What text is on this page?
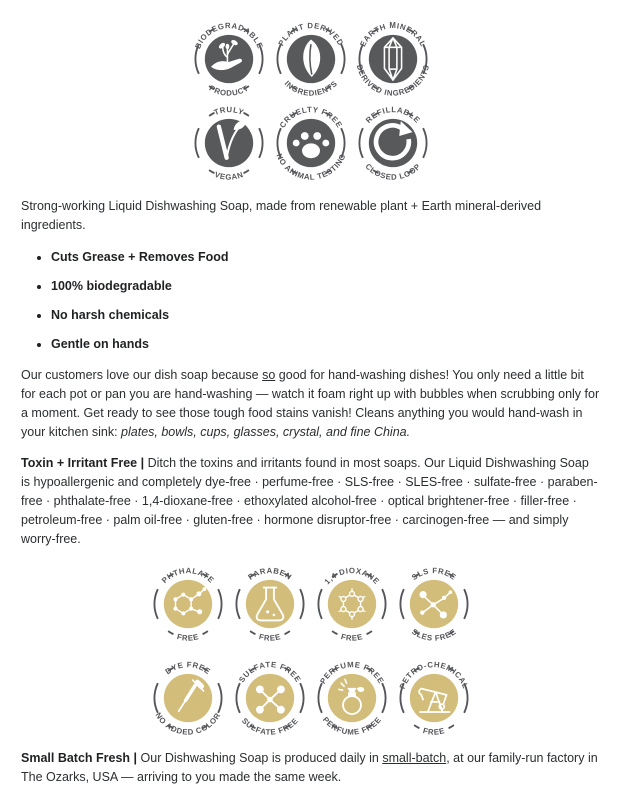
BIODEGRADABLE
PRODUCT
PLANT DERIVED
INGREDIENTS
EARTH MINERAL
DERIVED INGREDIENTS
TRULY
VEGAN
CRUELTY FREE
NO ANIMAL TESTING
REFILLABLE
CLOSED LOOP

Strong-working Liquid Dishwashing Soap, made from renewable plant + Earth mineral-derived ingredients.

• Cuts Grease + Removes Food
• 100% biodegradable
• No harsh chemicals
• Gentle on hands

Our customers love our dish soap because so good for hand-washing dishes! You only need a little bit for each pot or pan you are hand-washing — watch it foam right up with bubbles when scrubbing only for a moment. Get ready to see those tough food stains vanish! Cleans anything you would hand-wash in your kitchen sink: plates, bowls, cups, glasses, crystal, and fine China.

Toxin + Irritant Free | Ditch the toxins and irritants found in most soaps. Our Liquid Dishwashing Soap is hypoallergenic and completely dye-free · perfume-free · SLS-free · SLES-free · sulfate-free · paraben-free · phthalate-free · 1,4-dioxane-free · ethoxylated alcohol-free · optical brightener-free · filler-free · petroleum-free · palm oil-free · gluten-free · hormone disruptor-free · carcinogen-free — and simply worry-free.

PHTHALATE
FREE
PARABEN
FREE
1,4 DIOXANE
FREE
SLS FREE
SLES FREE
DYE FREE
NO ADDED COLOR
SULFATE FREE
SULFATE FREE
PERFUME FREE
PERFUME FREE
PETRO-CHEMICAL
FREE

Small Batch Fresh | Our Dishwashing Soap is produced daily in small-batch, at our family-run factory in The Ozarks, USA — arriving to you made the same week.
